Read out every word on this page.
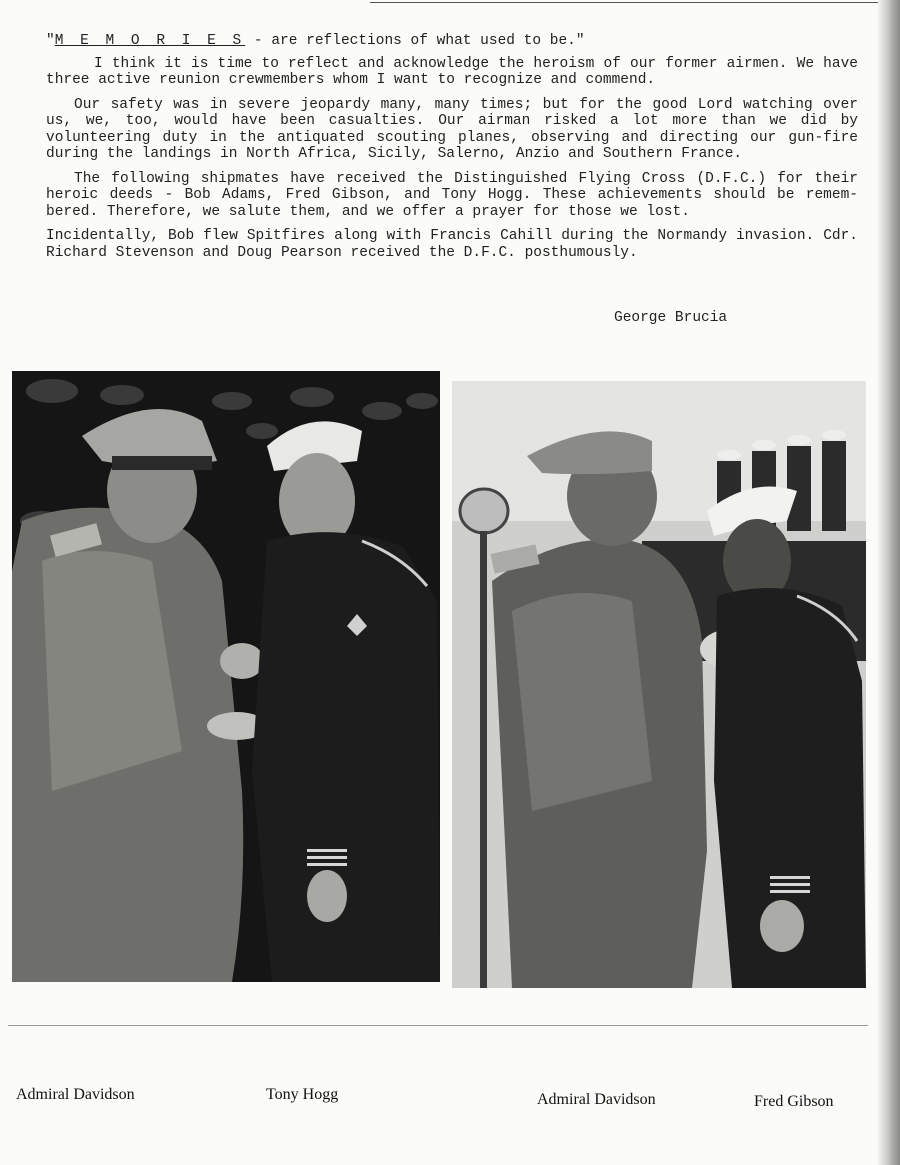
"M E M O R I E S - are reflections of what used to be."

I think it is time to reflect and acknowledge the heroism of our former airmen. We have three active reunion crewmembers whom I want to recognize and commend.

Our safety was in severe jeopardy many, many times; but for the good Lord watching over us, we, too, would have been casualties. Our airman risked a lot more than we did by volunteering duty in the antiquated scouting planes, observing and directing our gun-fire during the landings in North Africa, Sicily, Salerno, Anzio and Southern France.

The following shipmates have received the Distinguished Flying Cross (D.F.C.) for their heroic deeds - Bob Adams, Fred Gibson, and Tony Hogg. These achievements should be remem-bered. Therefore, we salute them, and we offer a prayer for those we lost.

Incidentally, Bob flew Spitfires along with Francis Cahill during the Normandy invasion. Cdr. Richard Stevenson and Doug Pearson received the D.F.C. posthumously.

George Brucia
Admiral Davidson	Tony Hogg	Admiral Davidson	Fred Gibson
